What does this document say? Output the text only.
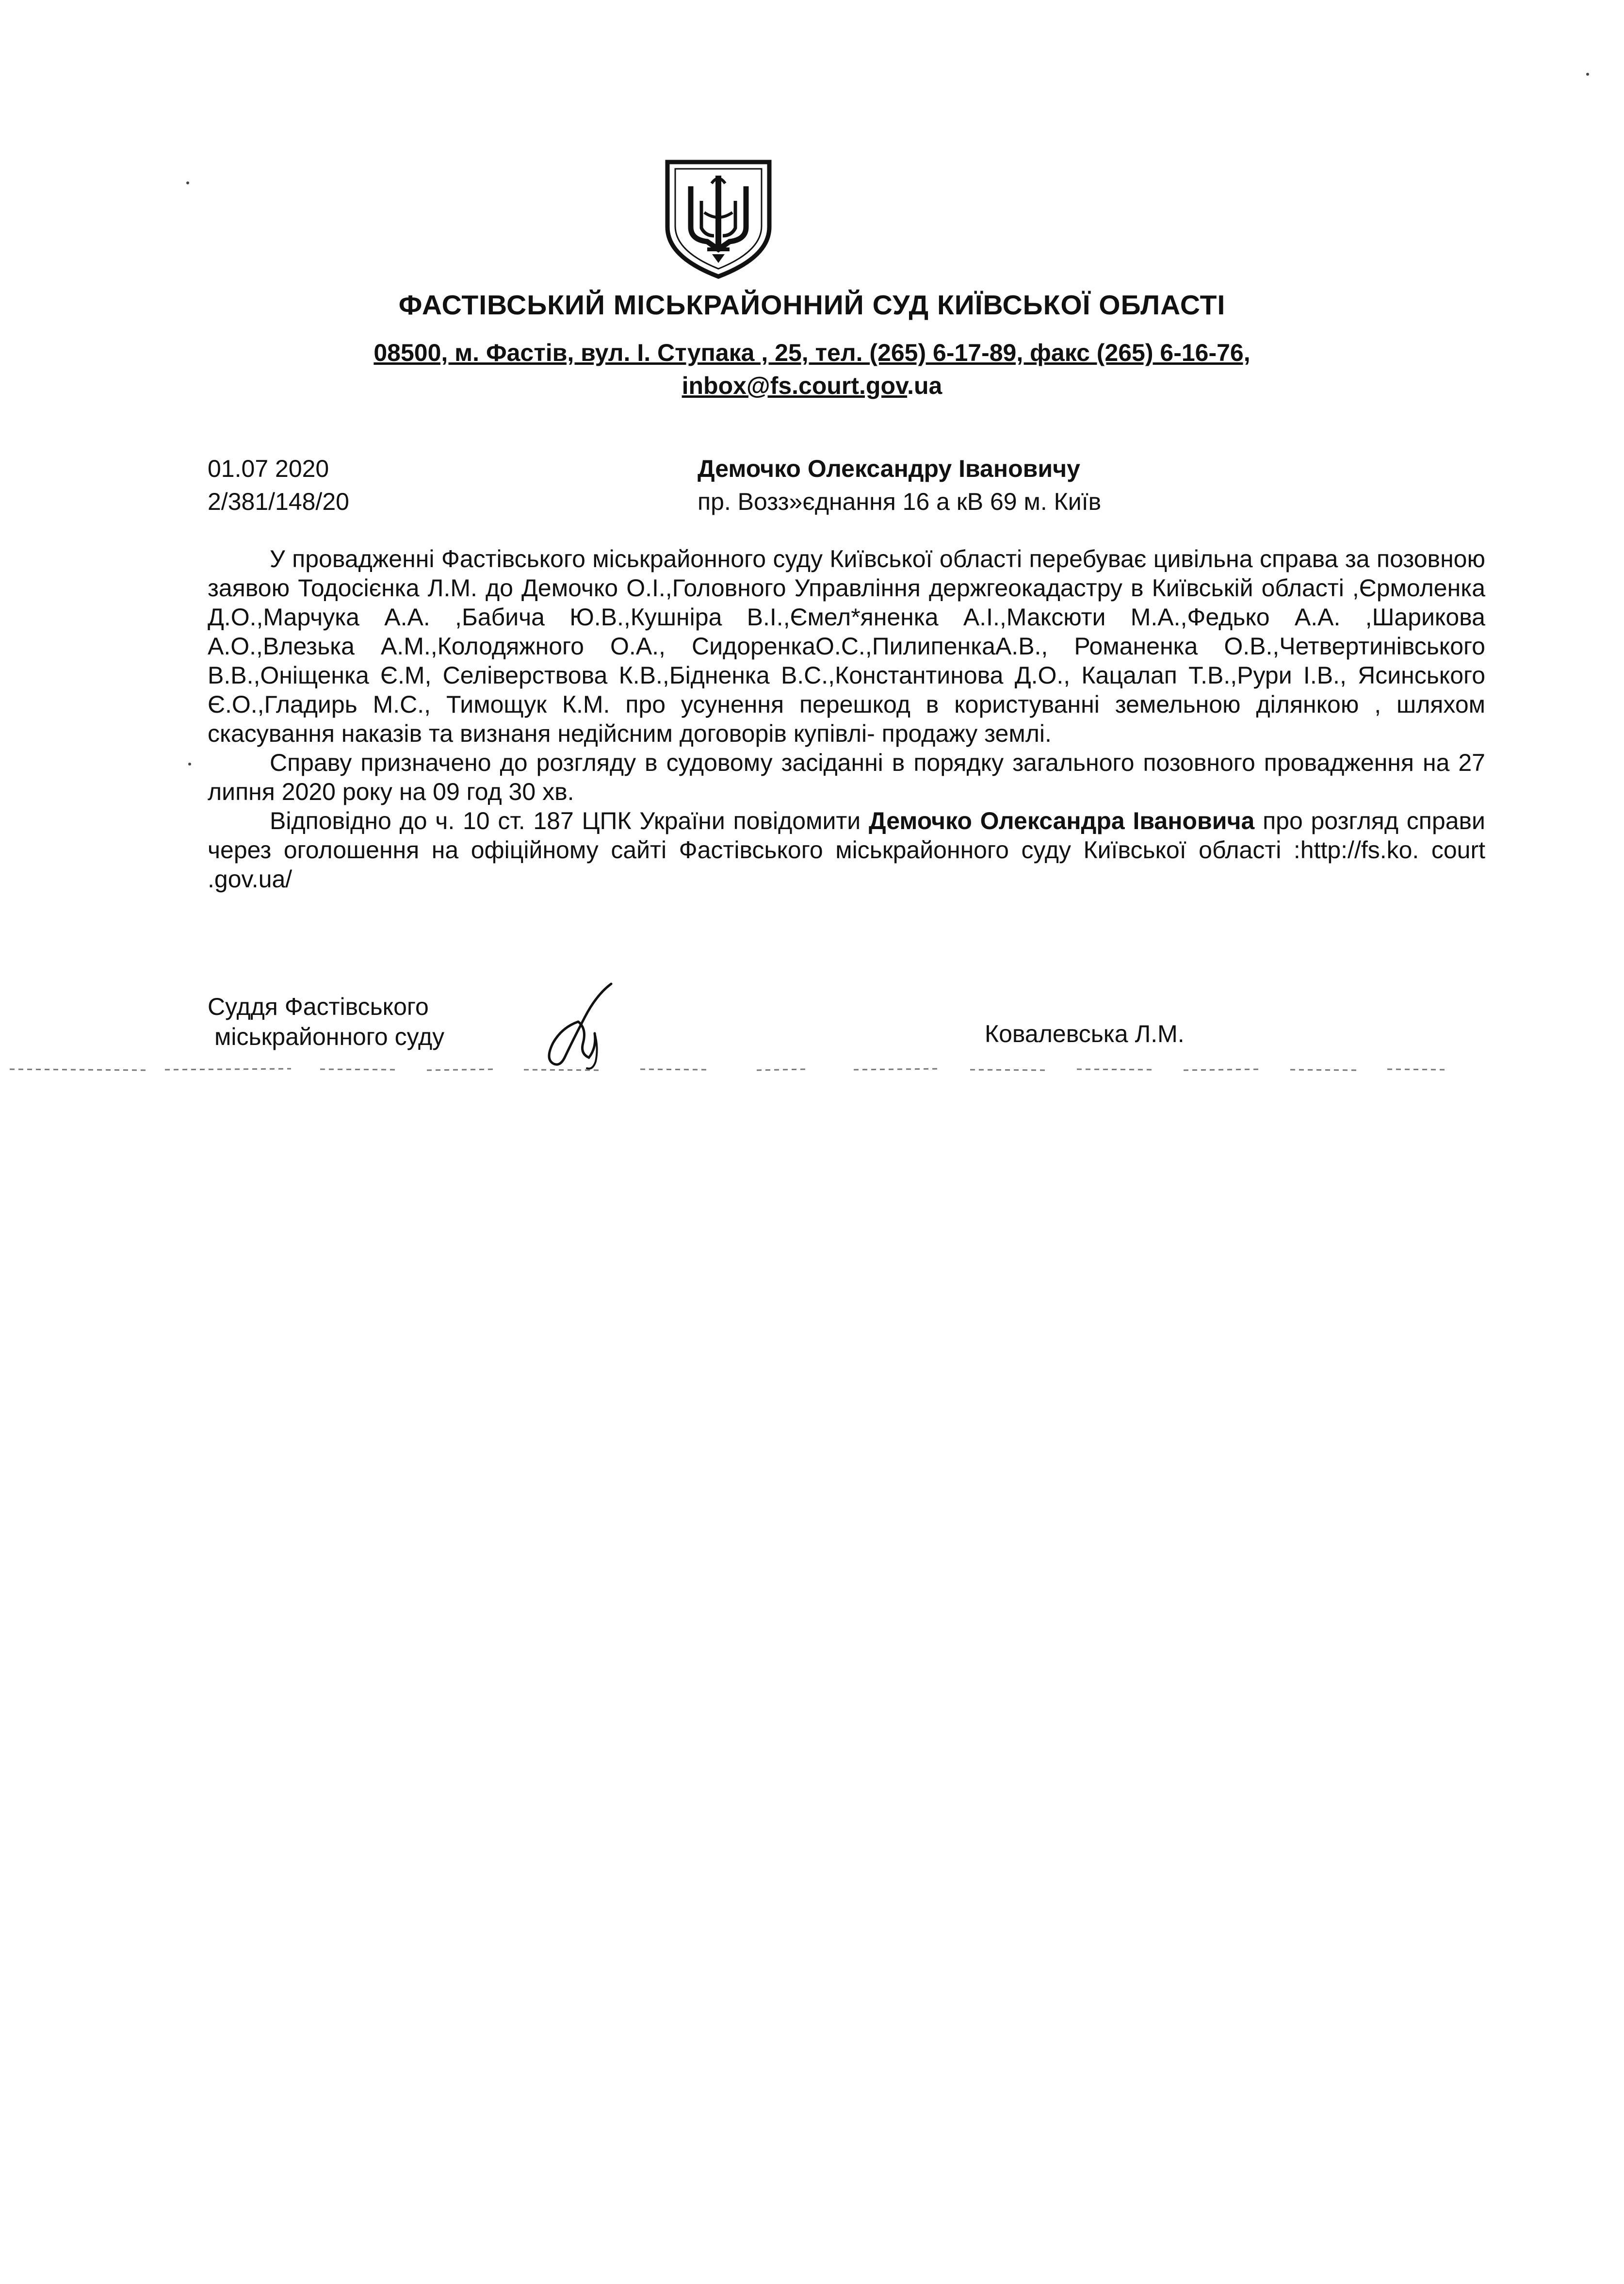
ФАСТІВСЬКИЙ МІСЬКРАЙОННИЙ СУД КИЇВСЬКОЇ ОБЛАСТІ
08500, м. Фастів, вул. І. Ступака , 25, тел. (265) 6-17-89, факс (265) 6-16-76,
inbox@fs.court.gov.ua
01.07 2020
2/381/148/20
Демочко Олександру Івановичу
пр. Возз»єднання 16 а кВ 69 м. Київ

У провадженні Фастівського міськрайонного суду Київської області перебуває цивільна справа за позовною заявою Тодосієнка Л.М. до Демочко О.І.,Головного Управління держгеокадастру в Київській області ,Єрмоленка Д.О.,Марчука А.А. ,Бабича Ю.В.,Кушніра В.І.,Ємел*яненка А.І.,Максюти М.А.,Федько А.А. ,Шарикова А.О.,Влезька А.М.,Колодяжного О.А., СидоренкаО.С.,ПилипенкаА.В., Романенка О.В.,Четвертинівського В.В.,Оніщенка Є.М, Селіверствова К.В.,Бідненка В.С.,Константинова Д.О., Кацалап Т.В.,Рури І.В., Ясинського Є.О.,Гладирь М.С., Тимощук К.М. про усунення перешкод в користуванні земельною ділянкою , шляхом скасування наказів та визнаня недійсним договорів купівлі- продажу землі.

Справу призначено до розгляду в судовому засіданні в порядку загального позовного провадження на 27 липня 2020 року на 09 год 30 хв.

Відповідно до ч. 10 ст. 187 ЦПК України повідомити Демочко Олександра Івановича про розгляд справи через оголошення на офіційному сайті Фастівського міськрайонного суду Київської області :http://fs.ko. court .gov.ua/

Суддя Фастівського
міськрайонного суду	Ковалевська Л.М.
